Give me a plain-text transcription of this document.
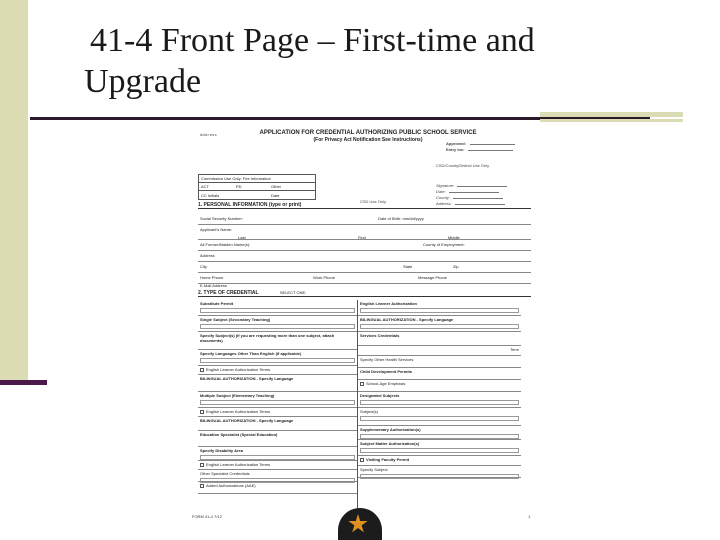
41-4 Front Page – First-time and
Upgrade
APPLICATION FOR CREDENTIAL AUTHORIZING PUBLIC SCHOOL SERVICE
(For Privacy Act Notification See Instructions)
Address
Approved:
Entry Inc:
CSD/County/District Use Only
Signature:
Date:
County:
Address:
Commission Use Only: Fee Information
ACT	PD	Other
CC Initials	Date
CSD Use Only
1. PERSONAL INFORMATION (type or print)
Social Security Number:	Date of Birth: mm/dd/yyyy
Applicant's Name:
Last	First	Middle
All Former/Maiden Name(s):	County of Employment:
Address
City	State	Zip
Home Phone	Work Phone	Message Phone
E-Mail Address
2. TYPE OF CREDENTIAL	SELECT ONE:
Substitute Permit
Single Subject (Secondary Teaching)
Specify Subject(s) (If you are requesting more than one subject, attach documents)
Specify Languages Other Than English (If applicable)
English Learner Authorization Terms
BILINGUAL AUTHORIZATION - Specify Language
Multiple Subject (Elementary Teaching)
English Learner Authorization Terms
BILINGUAL AUTHORIZATION - Specify Language
Education Specialist (Special Education)
Specify Disability Area
English Learner Authorization Terms
Other Specialist Credentials
Added Authorizations (AAE)
English Learner Authorization
BILINGUAL AUTHORIZATION - Specify Language
Services Credentials
Term
Specify Other Health Services
Child Development Permits
School-Age Emphasis
Designated Subjects
Subject(s)
Supplementary Authorization(s)
Subject Matter Authorization(s)
Visiting Faculty Permit
Specify Subject
FORM 41-4 7/12	1
